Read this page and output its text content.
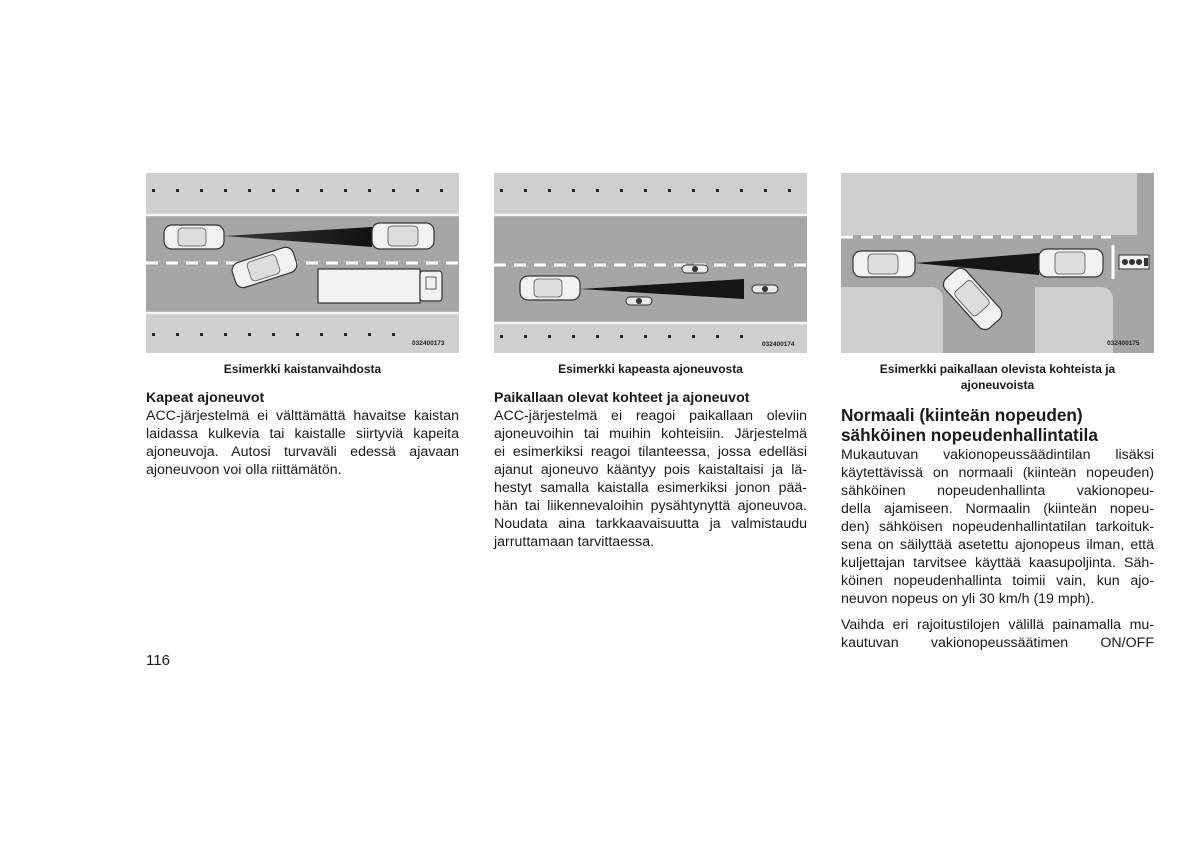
032400173
Esimerkki kaistanvaihdosta
032400174
Esimerkki kapeasta ajoneuvosta
032400175
Esimerkki paikallaan olevista kohteista ja
ajoneuvoista

Kapeat ajoneuvot

ACC-järjestelmä ei välttämättä havaitse kaistan

laidassa kulkevia tai kaistalle siirtyviä kapeita

ajoneuvoja. Autosi turvaväli edessä ajavaan

ajoneuvoon voi olla riittämätön.

Paikallaan olevat kohteet ja ajoneuvot

ACC-järjestelmä ei reagoi paikallaan oleviin

ajoneuvoihin tai muihin kohteisiin. Järjestelmä

ei esimerkiksi reagoi tilanteessa, jossa edelläsi

ajanut ajoneuvo kääntyy pois kaistaltaisi ja lä-

hestyt samalla kaistalla esimerkiksi jonon pää-

hän tai liikennevaloihin pysähtynyttä ajoneuvoa.

Noudata aina tarkkaavaisuutta ja valmistaudu

jarruttamaan tarvittaessa.

Normaali (kiinteän nopeuden)
sähköinen nopeudenhallintatila

Mukautuvan vakionopeussäädintilan lisäksi

käytettävissä on normaali (kiinteän nopeuden)

sähköinen nopeudenhallinta vakionopeu-

della ajamiseen. Normaalin (kiinteän nopeu-

den) sähköisen nopeudenhallintatilan tarkoituk-

sena on säilyttää asetettu ajonopeus ilman, että

kuljettajan tarvitsee käyttää kaasupoljinta. Säh-

köinen nopeudenhallinta toimii vain, kun ajo-

neuvon nopeus on yli 30 km/h (19 mph).

Vaihda eri rajoitustilojen välillä painamalla mu-

kautuvan vakionopeussäätimen ON/OFF

116
